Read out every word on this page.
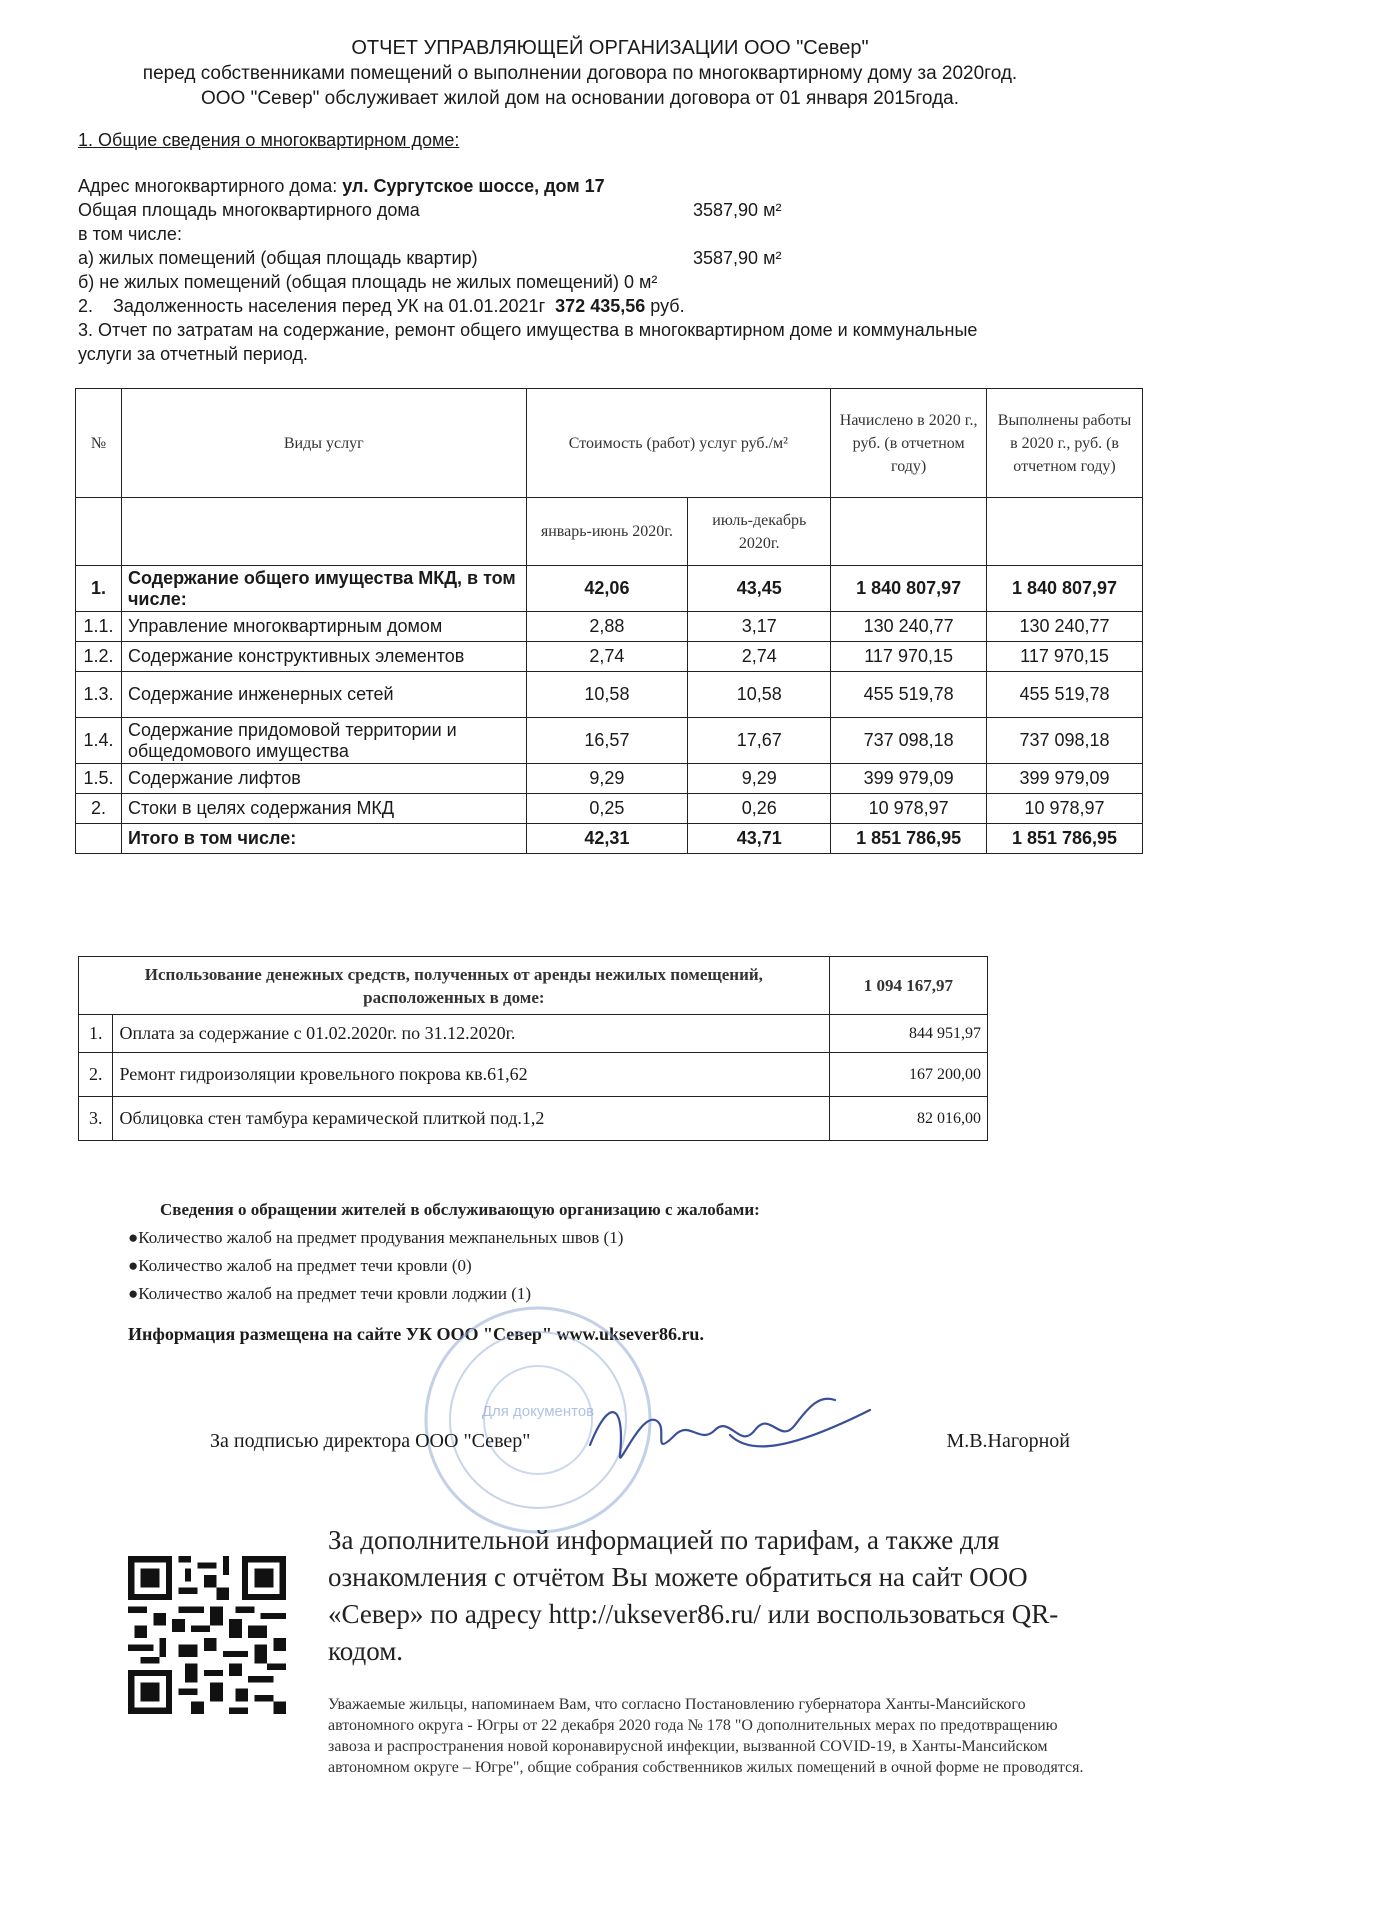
ОТЧЕТ УПРАВЛЯЮЩЕЙ ОРГАНИЗАЦИИ ООО "Север"
перед собственниками помещений о выполнении договора по многоквартирному дому за 2020год.
ООО "Север" обслуживает жилой дом на основании договора от 01 января 2015года.
1. Общие сведения о многоквартирном доме:
Адрес многоквартирного дома: ул. Сургутское шоссе, дом 17
Общая площадь многоквартирного дома	3587,90 м²
в том числе:
а) жилых помещений (общая площадь квартир)	3587,90 м²
б) не жилых помещений (общая площадь не жилых помещений) 0 м²
2. Задолженность населения перед УК на 01.01.2021г 372 435,56 руб.
3. Отчет по затратам на содержание, ремонт общего имущества в многоквартирном доме и коммунальные услуги за отчетный период.
№	Виды услуг	Стоимость (работ) услуг руб./м²		Начислено в 2020 г., руб. (в отчетном году)	Выполнены работы в 2020 г., руб. (в отчетном году)
		январь-июнь 2020г.	июль-декабрь 2020г.		
1.	Содержание общего имущества МКД, в том числе:	42,06	43,45	1 840 807,97	1 840 807,97
1.1.	Управление многоквартирным домом	2,88	3,17	130 240,77	130 240,77
1.2.	Содержание конструктивных элементов	2,74	2,74	117 970,15	117 970,15
1.3.	Содержание инженерных сетей	10,58	10,58	455 519,78	455 519,78
1.4.	Содержание придомовой территории и общедомового имущества	16,57	17,67	737 098,18	737 098,18
1.5.	Содержание лифтов	9,29	9,29	399 979,09	399 979,09
2.	Стоки в целях содержания МКД	0,25	0,26	10 978,97	10 978,97
	Итого в том числе:	42,31	43,71	1 851 786,95	1 851 786,95
Использование денежных средств, полученных от аренды нежилых помещений, расположенных в доме:		1 094 167,97
1.	Оплата за содержание с 01.02.2020г. по 31.12.2020г.	844 951,97
2.	Ремонт гидроизоляции кровельного покрова кв.61,62	167 200,00
3.	Облицовка стен тамбура керамической плиткой под.1,2	82 016,00
Сведения о обращении жителей в обслуживающую организацию с жалобами:
●Количество жалоб на предмет продувания межпанельных швов (1)
●Количество жалоб на предмет течи кровли (0)
●Количество жалоб на предмет течи кровли лоджии (1)
Информация размещена на сайте УК ООО "Север" www.uksever86.ru.
Для документов
За подписью директора ООО "Север"	М.В.Нагорной
За дополнительной информацией по тарифам, а также для ознакомления с отчётом Вы можете обратиться на сайт ООО «Север» по адресу http://uksever86.ru/ или воспользоваться QR-кодом.
Уважаемые жильцы, напоминаем Вам, что согласно Постановлению губернатора Ханты-Мансийского автономного округа - Югры от 22 декабря 2020 года № 178 "О дополнительных мерах по предотвращению завоза и распространения новой коронавирусной инфекции, вызванной COVID-19, в Ханты-Мансийском автономном округе – Югре", общие собрания собственников жилых помещений в очной форме не проводятся.
